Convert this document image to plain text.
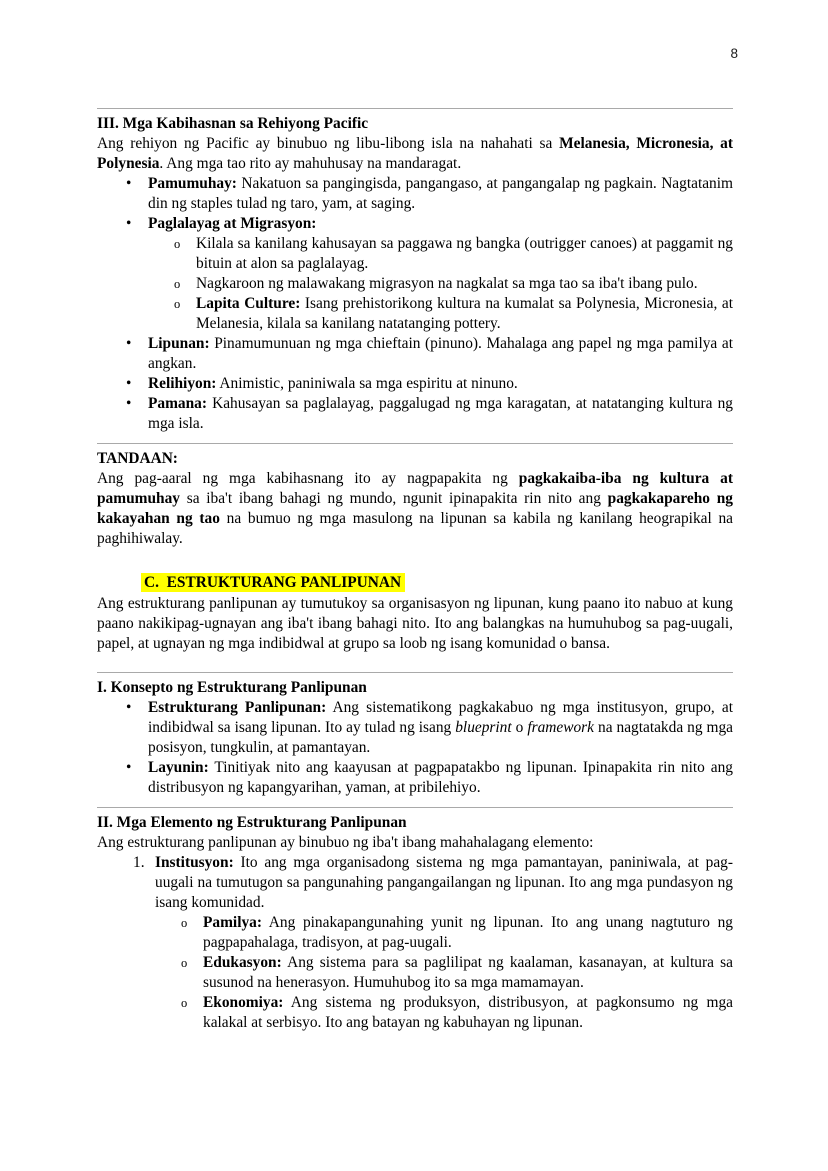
8
III. Mga Kabihasnan sa Rehiyong Pacific

Ang rehiyon ng Pacific ay binubuo ng libu-libong isla na nahahati sa Melanesia, Micronesia, at Polynesia. Ang mga tao rito ay mahuhusay na mandaragat.

•	Pamumuhay: Nakatuon sa pangingisda, pangangaso, at pangangalap ng pagkain. Nagtatanim din ng staples tulad ng taro, yam, at saging.
•	Paglalayag at Migrasyon:
o Kilala sa kanilang kahusayan sa paggawa ng bangka (outrigger canoes) at paggamit ng bituin at alon sa paglalayag.
o Nagkaroon ng malawakang migrasyon na nagkalat sa mga tao sa iba't ibang pulo.
o Lapita Culture: Isang prehistorikong kultura na kumalat sa Polynesia, Micronesia, at Melanesia, kilala sa kanilang natatanging pottery.
•	Lipunan: Pinamumunuan ng mga chieftain (pinuno). Mahalaga ang papel ng mga pamilya at angkan.
•	Relihiyon: Animistic, paniniwala sa mga espiritu at ninuno.
•	Pamana: Kahusayan sa paglalayag, paggalugad ng mga karagatan, at natatanging kultura ng mga isla.
TANDAAN:

Ang pag-aaral ng mga kabihasnang ito ay nagpapakita ng pagkakaiba-iba ng kultura at pamumuhay sa iba't ibang bahagi ng mundo, ngunit ipinapakita rin nito ang pagkakapareho ng kakayahan ng tao na bumuo ng mga masulong na lipunan sa kabila ng kanilang heograpikal na paghihiwalay.

C. ESTRUKTURANG PANLIPUNAN

Ang estrukturang panlipunan ay tumutukoy sa organisasyon ng lipunan, kung paano ito nabuo at kung paano nakikipag-ugnayan ang iba't ibang bahagi nito. Ito ang balangkas na humuhubog sa pag-uugali, papel, at ugnayan ng mga indibidwal at grupo sa loob ng isang komunidad o bansa.

I. Konsepto ng Estrukturang Panlipunan
•	Estrukturang Panlipunan: Ang sistematikong pagkakabuo ng mga institusyon, grupo, at indibidwal sa isang lipunan. Ito ay tulad ng isang blueprint o framework na nagtatakda ng mga posisyon, tungkulin, at pamantayan.
•	Layunin: Tinitiyak nito ang kaayusan at pagpapatakbo ng lipunan. Ipinapakita rin nito ang distribusyon ng kapangyarihan, yaman, at pribilehiyo.
II. Mga Elemento ng Estrukturang Panlipunan

Ang estrukturang panlipunan ay binubuo ng iba't ibang mahahalagang elemento:

1. Institusyon: Ito ang mga organisadong sistema ng mga pamantayan, paniniwala, at pag-uugali na tumutugon sa pangunahing pangangailangan ng lipunan. Ito ang mga pundasyon ng isang komunidad.
o Pamilya: Ang pinakapangunahing yunit ng lipunan. Ito ang unang nagtuturo ng pagpapahalaga, tradisyon, at pag-uugali.
o Edukasyon: Ang sistema para sa paglilipat ng kaalaman, kasanayan, at kultura sa susunod na henerasyon. Humuhubog ito sa mga mamamayan.
o Ekonomiya: Ang sistema ng produksyon, distribusyon, at pagkonsumo ng mga kalakal at serbisyo. Ito ang batayan ng kabuhayan ng lipunan.
